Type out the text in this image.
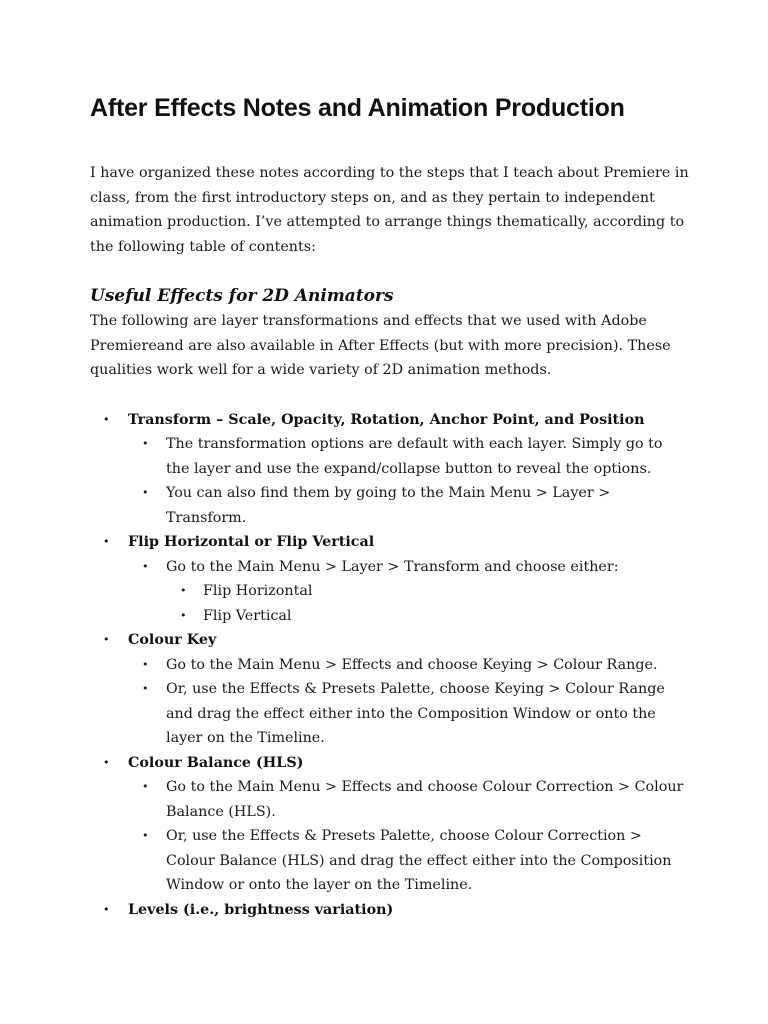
After Effects Notes and Animation Production

I have organized these notes according to the steps that I teach about Premiere in class, from the first introductory steps on, and as they pertain to independent animation production. I’ve attempted to arrange things thematically, according to the following table of contents:

Useful Effects for 2D Animators

The following are layer transformations and effects that we used with Adobe Premiereand are also available in After Effects (but with more precision). These qualities work well for a wide variety of 2D animation methods.

• Transform – Scale, Opacity, Rotation, Anchor Point, and Position
• The transformation options are default with each layer. Simply go to the layer and use the expand/collapse button to reveal the options.
• You can also find them by going to the Main Menu > Layer > Transform.
• Flip Horizontal or Flip Vertical
• Go to the Main Menu > Layer > Transform and choose either:
• Flip Horizontal
• Flip Vertical
• Colour Key
• Go to the Main Menu > Effects and choose Keying > Colour Range.
• Or, use the Effects & Presets Palette, choose Keying > Colour Range and drag the effect either into the Composition Window or onto the layer on the Timeline.
• Colour Balance (HLS)
• Go to the Main Menu > Effects and choose Colour Correction > Colour Balance (HLS).
• Or, use the Effects & Presets Palette, choose Colour Correction > Colour Balance (HLS) and drag the effect either into the Composition Window or onto the layer on the Timeline.
• Levels (i.e., brightness variation)
